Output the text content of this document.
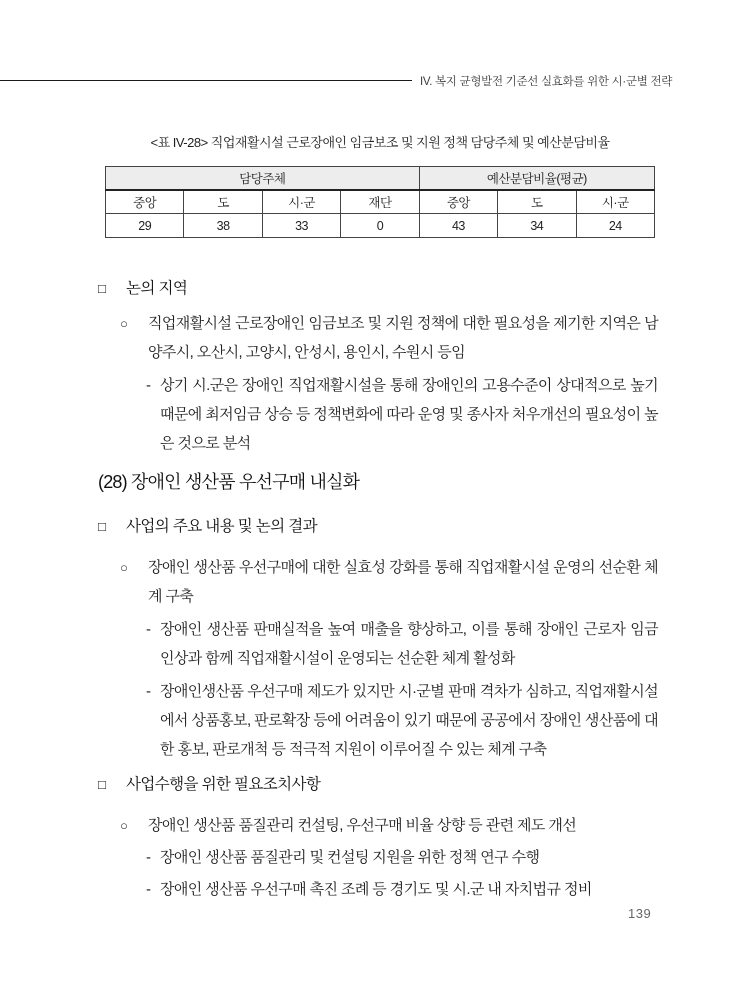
IV. 복지 균형발전 기준선 실효화를 위한 시·군별 전략
<표 IV-28> 직업재활시설 근로장애인 임금보조 및 지원 정책 담당주체 및 예산분담비율
담당주체				예산분담비율(평균)		
중앙	도	시·군	재단	중앙	도	시·군
29	38	33	0	43	34	24
□	논의 지역
○	직업재활시설 근로장애인 임금보조 및 지원 정책에 대한 필요성을 제기한 지역은 남양주시, 오산시, 고양시, 안성시, 용인시, 수원시 등임
- 상기 시.군은 장애인 직업재활시설을 통해 장애인의 고용수준이 상대적으로 높기 때문에 최저임금 상승 등 정책변화에 따라 운영 및 종사자 처우개선의 필요성이 높은 것으로 분석
(28) 장애인 생산품 우선구매 내실화
□	사업의 주요 내용 및 논의 결과
○	장애인 생산품 우선구매에 대한 실효성 강화를 통해 직업재활시설 운영의 선순환 체계 구축
- 장애인 생산품 판매실적을 높여 매출을 향상하고, 이를 통해 장애인 근로자 임금 인상과 함께 직업재활시설이 운영되는 선순환 체계 활성화
- 장애인생산품 우선구매 제도가 있지만 시·군별 판매 격차가 심하고, 직업재활시설에서 상품홍보, 판로확장 등에 어려움이 있기 때문에 공공에서 장애인 생산품에 대한 홍보, 판로개척 등 적극적 지원이 이루어질 수 있는 체계 구축
□	사업수행을 위한 필요조치사항
○	장애인 생산품 품질관리 컨설팅, 우선구매 비율 상향 등 관련 제도 개선
- 장애인 생산품 품질관리 및 컨설팅 지원을 위한 정책 연구 수행
- 장애인 생산품 우선구매 촉진 조례 등 경기도 및 시.군 내 자치법규 정비
139
